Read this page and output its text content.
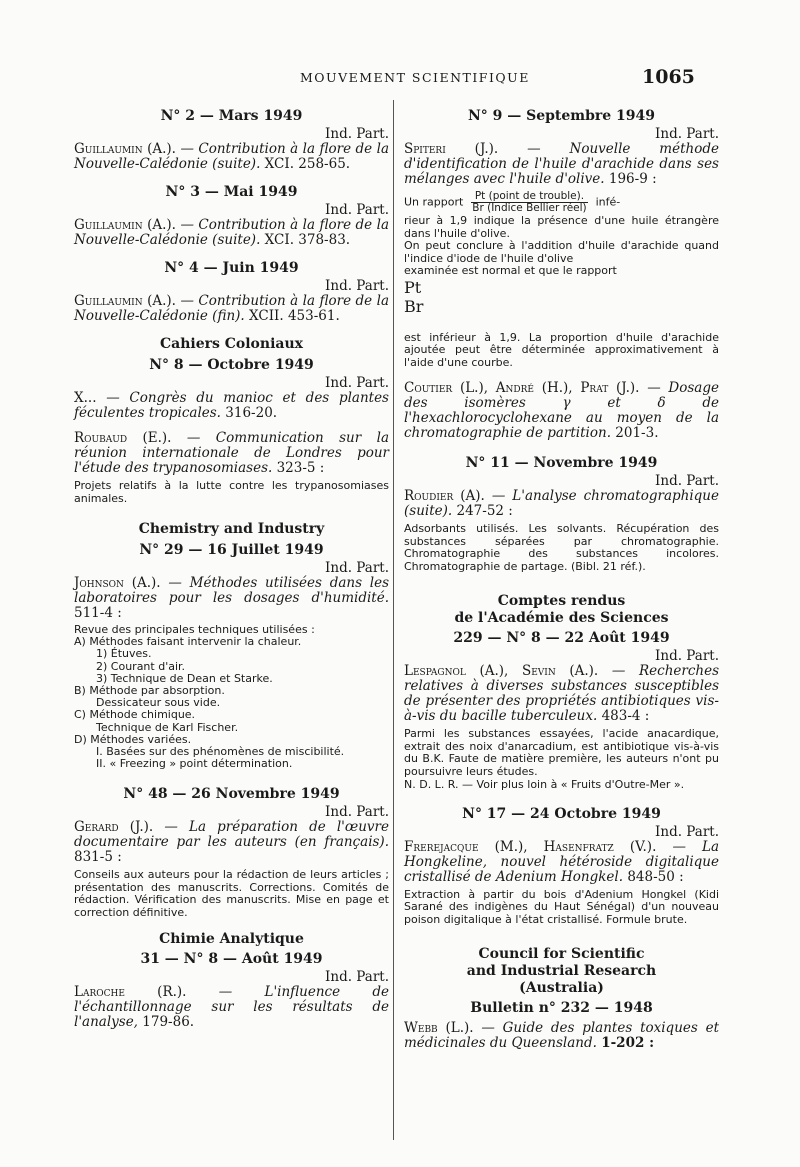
MOUVEMENT SCIENTIFIQUE	1065

N° 2 — Mars 1949

Ind. Part.

Guillaumin (A.). — Contribution à la flore de la Nouvelle-Calédonie (suite). XCI. 258-65.

N° 3 — Mai 1949

Ind. Part.

Guillaumin (A.). — Contribution à la flore de la Nouvelle-Calédonie (suite). XCI. 378-83.

N° 4 — Juin 1949

Ind. Part.

Guillaumin (A.). — Contribution à la flore de la Nouvelle-Calédonie (fin). XCII. 453-61.

Cahiers Coloniaux

N° 8 — Octobre 1949

Ind. Part.

X... — Congrès du manioc et des plantes féculentes tropicales. 316-20.

Roubaud (E.). — Communication sur la réunion internationale de Londres pour l'étude des trypanosomiases. 323-5 :

Projets relatifs à la lutte contre les trypanosomiases animales.

Chemistry and Industry

N° 29 — 16 Juillet 1949

Ind. Part.

Johnson (A.). — Méthodes utilisées dans les laboratoires pour les dosages d'humidité. 511-4 :

Revue des principales techniques utilisées :
A) Méthodes faisant intervenir la chaleur.
1) Étuves.
2) Courant d'air.
3) Technique de Dean et Starke.
B) Méthode par absorption.
Dessicateur sous vide.
C) Méthode chimique.
Technique de Karl Fischer.
D) Méthodes variées.
I. Basées sur des phénomènes de miscibilité.
II. « Freezing » point détermination.

N° 48 — 26 Novembre 1949

Ind. Part.

Gerard (J.). — La préparation de l'œuvre documentaire par les auteurs (en français). 831-5 :

Conseils aux auteurs pour la rédaction de leurs articles ; présentation des manuscrits. Corrections. Comités de rédaction. Vérification des manuscrits. Mise en page et correction définitive.

Chimie Analytique

31 — N° 8 — Août 1949

Ind. Part.

Laroche (R.). — L'influence de l'échantillonnage sur les résultats de l'analyse, 179-86.

N° 9 — Septembre 1949

Ind. Part.

Spiteri (J.). — Nouvelle méthode d'identification de l'huile d'arachide dans ses mélanges avec l'huile d'olive. 196-9 :

Un rapport $\frac{\text{Pt (point de trouble).}}{\text{Br (Indice Bellier réel)}}$ infé-

rieur à 1,9 indique la présence d'une huile étrangère dans l'huile d'olive.

On peut conclure à l'addition d'huile d'arachide quand l'indice d'iode de l'huile d'olive

examinée est normal et que le rapport

Pt
Br

est inférieur à 1,9. La proportion d'huile d'arachide ajoutée peut être déterminée approximativement à l'aide d'une courbe.

Coutier (L.), André (H.), Prat (J.). — Dosage des isomères γ et δ de l'hexachlorocyclohexane au moyen de la chromatographie de partition. 201-3.

N° 11 — Novembre 1949

Ind. Part.

Roudier (A). — L'analyse chromatographique (suite). 247-52 :

Adsorbants utilisés. Les solvants. Récupération des substances séparées par chromatographie. Chromatographie des substances incolores. Chromatographie de partage. (Bibl. 21 réf.).

Comptes rendus

de l'Académie des Sciences

229 — N° 8 — 22 Août 1949

Ind. Part.

Lespagnol (A.), Sevin (A.). — Recherches relatives à diverses substances susceptibles de présenter des propriétés antibiotiques vis-à-vis du bacille tuberculeux. 483-4 :

Parmi les substances essayées, l'acide anacardique, extrait des noix d'anarcadium, est antibiotique vis-à-vis du B.K. Faute de matière première, les auteurs n'ont pu poursuivre leurs études.

N. D. L. R. — Voir plus loin à « Fruits d'Outre-Mer ».

N° 17 — 24 Octobre 1949

Ind. Part.

Frerejacque (M.), Hasenfratz (V.). — La Hongkeline, nouvel hétéroside digitalique cristallisé de Adenium Hongkel. 848-50 :

Extraction à partir du bois d'Adenium Hongkel (Kidi Sarané des indigènes du Haut Sénégal) d'un nouveau poison digitalique à l'état cristallisé. Formule brute.

Council for Scientific

and Industrial Research

(Australia)

Bulletin n° 232 — 1948

Webb (L.). — Guide des plantes toxiques et médicinales du Queensland. 1-202 :
